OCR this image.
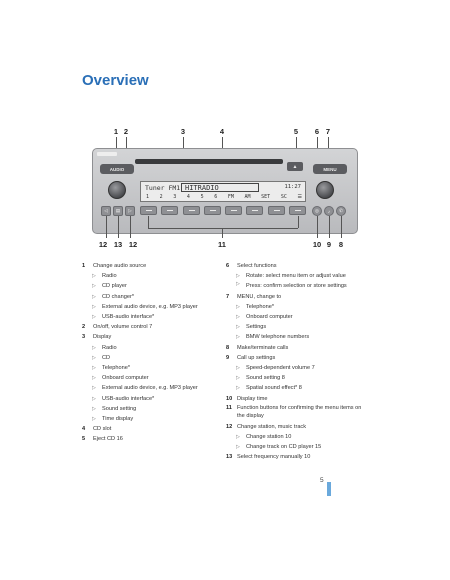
Overview
1 2	3	4	5	6 7
AUDIO	MENU
▲
Tuner FM1 HITRADIO	11:27
1 2 3 4 5 6 FM AM SET SC ☰
◁	▤	▷	◎	♪	✆
12 13 12	11	10 9	8
1 Change audio source
▷ Radio
▷ CD player
▷ CD changer*
▷ External audio device, e.g. MP3 player
▷ USB-audio interface*
2 On/off, volume control 7
3 Display
▷ Radio
▷ CD
▷ Telephone*
▷ Onboard computer
▷ External audio device, e.g. MP3 player
▷ USB-audio interface*
▷ Sound setting
▷ Time display
4 CD slot
5 Eject CD 16
6 Select functions
▷ Rotate: select menu item or adjust value
▷ Press: confirm selection or store settings
7 MENU, change to
▷ Telephone*
▷ Onboard computer
▷ Settings
▷ BMW telephone numbers
8 Make/terminate calls
9 Call up settings
▷ Speed-dependent volume 7
▷ Sound setting 8
▷ Spatial sound effect* 8
10 Display time
11 Function buttons for confirming the menu items on the display
12 Change station, music track
▷ Change station 10
▷ Change track on CD player 15
13 Select frequency manually 10
5
